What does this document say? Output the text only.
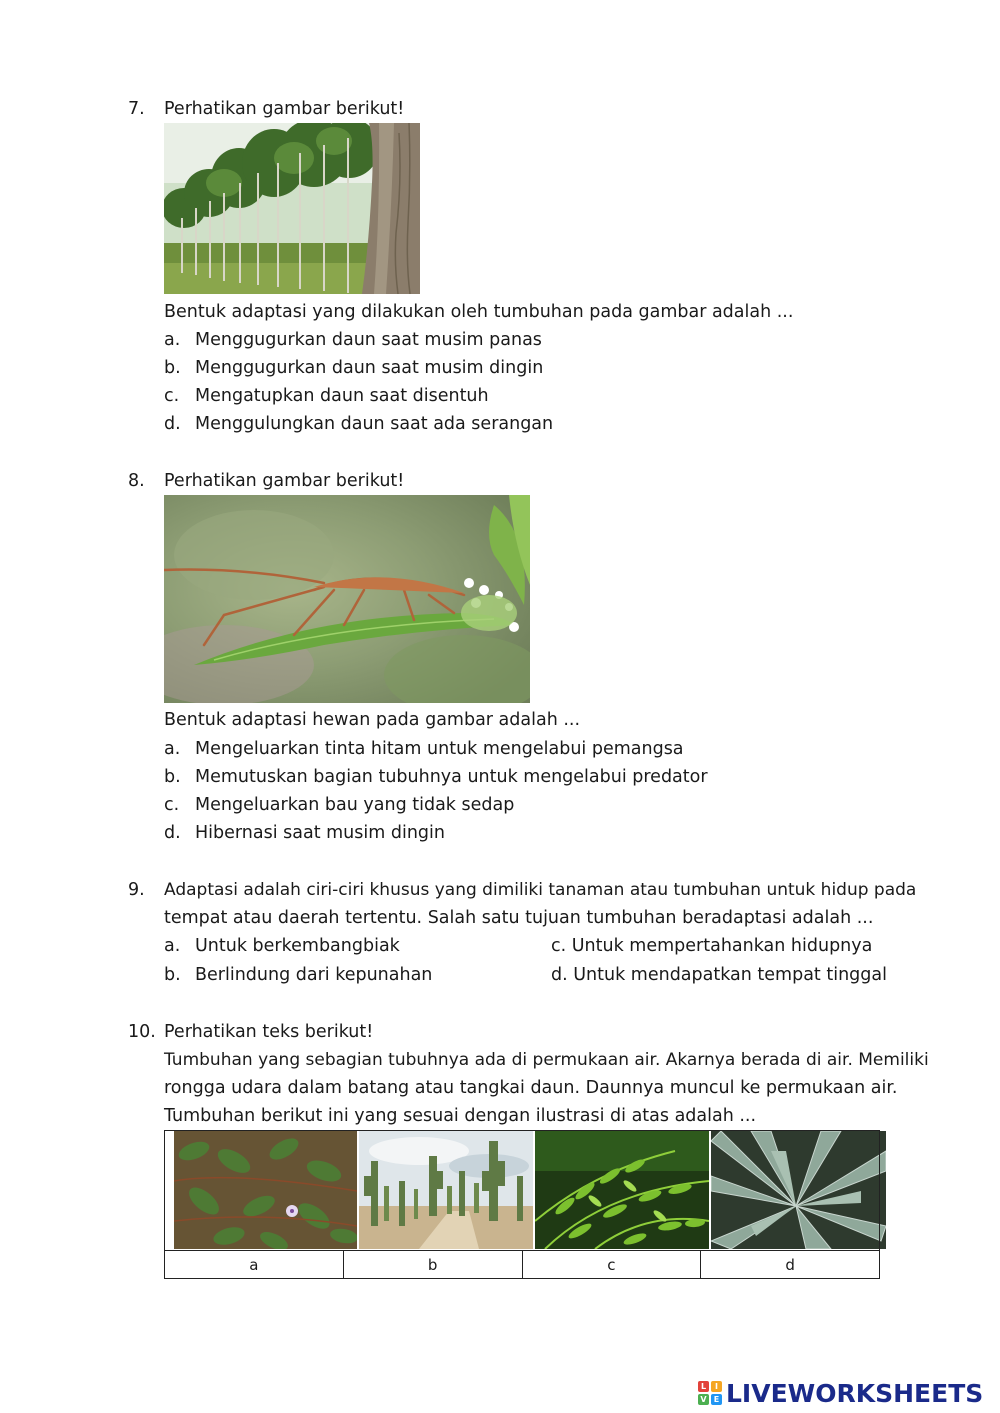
7. Perhatikan gambar berikut!
Bentuk adaptasi yang dilakukan oleh tumbuhan pada gambar adalah ...
a. Menggugurkan daun saat musim panas
b. Menggugurkan daun saat musim dingin
c. Mengatupkan daun saat disentuh
d. Menggulungkan daun saat ada serangan
8. Perhatikan gambar berikut!
Bentuk adaptasi hewan pada gambar adalah ...
a. Mengeluarkan tinta hitam untuk mengelabui pemangsa
b. Memutuskan bagian tubuhnya untuk mengelabui predator
c. Mengeluarkan bau yang tidak sedap
d. Hibernasi saat musim dingin
9. Adaptasi adalah ciri-ciri khusus yang dimiliki tanaman atau tumbuhan untuk hidup pada
tempat atau daerah tertentu. Salah satu tujuan tumbuhan beradaptasi adalah ...
a. Untuk berkembangbiak	c. Untuk mempertahankan hidupnya
b. Berlindung dari kepunahan	d. Untuk mendapatkan tempat tinggal
10. Perhatikan teks berikut!
Tumbuhan yang sebagian tubuhnya ada di permukaan air. Akarnya berada di air. Memiliki
rongga udara dalam batang atau tangkai daun. Daunnya muncul ke permukaan air.
Tumbuhan berikut ini yang sesuai dengan ilustrasi di atas adalah ...
a	b	c	d
L	I
V E LIVEWORKSHEETS
